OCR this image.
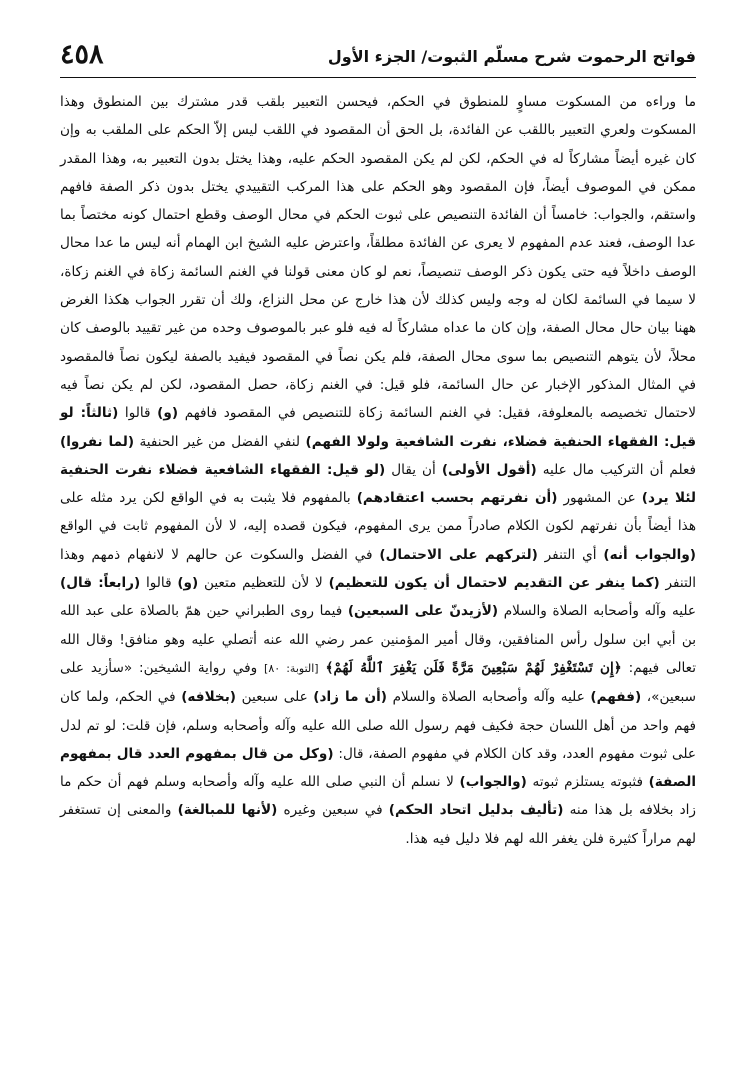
٤٥٨	فواتح الرحموت شرح مسلّم الثبوت/ الجزء الأول

ما وراءه من المسكوت مساوٍ للمنطوق في الحكم، فيحسن التعبير بلقب قدر مشترك بين المنطوق وهذا المسكوت ولعري التعبير باللقب عن الفائدة، بل الحق أن المقصود في اللقب ليس إلاّ الحكم على الملقب به وإن كان غيره أيضاً مشاركاً له في الحكم، لكن لم يكن المقصود الحكم عليه، وهذا يختل بدون التعبير به، وهذا المقدر ممكن في الموصوف أيضاً، فإن المقصود وهو الحكم على هذا المركب التقييدي يختل بدون ذكر الصفة فافهم واستقم، والجواب: خامساً أن الفائدة التنصيص على ثبوت الحكم في محال الوصف وقطع احتمال كونه مختصاً بما عدا الوصف، فعند عدم المفهوم لا يعرى عن الفائدة مطلقاً، واعترض عليه الشيخ ابن الهمام أنه ليس ما عدا محال الوصف داخلاً فيه حتى يكون ذكر الوصف تنصيصاً، نعم لو كان معنى قولنا في الغنم السائمة زكاة في الغنم زكاة، لا سيما في السائمة لكان له وجه وليس كذلك لأن هذا خارج عن محل النزاع، ولك أن تقرر الجواب هكذا الغرض ههنا بيان حال محال الصفة، وإن كان ما عداه مشاركاً له فيه فلو عبر بالموصوف وحده من غير تقييد بالوصف كان محلاً، لأن يتوهم التنصيص بما سوى محال الصفة، فلم يكن نصاً في المقصود فيفيد بالصفة ليكون نصاً فالمقصود في المثال المذكور الإخبار عن حال السائمة، فلو قيل: في الغنم زكاة، حصل المقصود، لكن لم يكن نصاً فيه لاحتمال تخصيصه بالمعلوفة، فقيل: في الغنم السائمة زكاة للتنصيص في المقصود فافهم (و) قالوا (ثالثاً: لو قيل: الفقهاء الحنفية فضلاء، نفرت الشافعية ولولا الفهم) لنفي الفضل من غير الحنفية (لما نفروا) فعلم أن التركيب مال عليه (أقول الأولى) أن يقال (لو قيل: الفقهاء الشافعية فضلاء نفرت الحنفية لئلا يرد) عن المشهور (أن نفرتهم بحسب اعتقادهم) بالمفهوم فلا يثبت به في الواقع لكن يرد مثله على هذا أيضاً بأن نفرتهم لكون الكلام صادراً ممن يرى المفهوم، فيكون قصده إليه، لا لأن المفهوم ثابت في الواقع (والجواب أنه) أي التنفر (لتركهم على الاحتمال) في الفضل والسكوت عن حالهم لا لانفهام ذمهم وهذا التنفر (كما ينفر عن التقديم لاحتمال أن يكون للتعظيم) لا لأن للتعظيم متعين (و) قالوا (رابعاً: قال) عليه وآله وأصحابه الصلاة والسلام (لأزيدنّ على السبعين) فيما روى الطبراني حين همّ بالصلاة على عبد الله بن أبي ابن سلول رأس المنافقين، وقال أمير المؤمنين عمر رضي الله عنه أتصلي عليه وهو منافق! وقال الله تعالى فيهم: ﴿إِن تَسْتَغْفِرْ لَهُمْ سَبْعِينَ مَرَّةً فَلَن يَغْفِرَ ٱللَّهُ لَهُمْ﴾ [التوبة: ٨٠] وفي رواية الشيخين: «سأزيد على سبعين»، (ففهم) عليه وآله وأصحابه الصلاة والسلام (أن ما زاد) على سبعين (بخلافه) في الحكم، ولما كان فهم واحد من أهل اللسان حجة فكيف فهم رسول الله صلى الله عليه وآله وأصحابه وسلم، فإن قلت: لو تم لدل على ثبوت مفهوم العدد، وقد كان الكلام في مفهوم الصفة، قال: (وكل من قال بمفهوم العدد قال بمفهوم الصفة) فثبوته يستلزم ثبوته (والجواب) لا نسلم أن النبي صلى الله عليه وآله وأصحابه وسلم فهم أن حكم ما زاد بخلافه بل هذا منه (تأليف بدليل اتحاد الحكم) في سبعين وغيره (لأنها للمبالغة) والمعنى إن تستغفر لهم مراراً كثيرة فلن يغفر الله لهم فلا دليل فيه هذا.
